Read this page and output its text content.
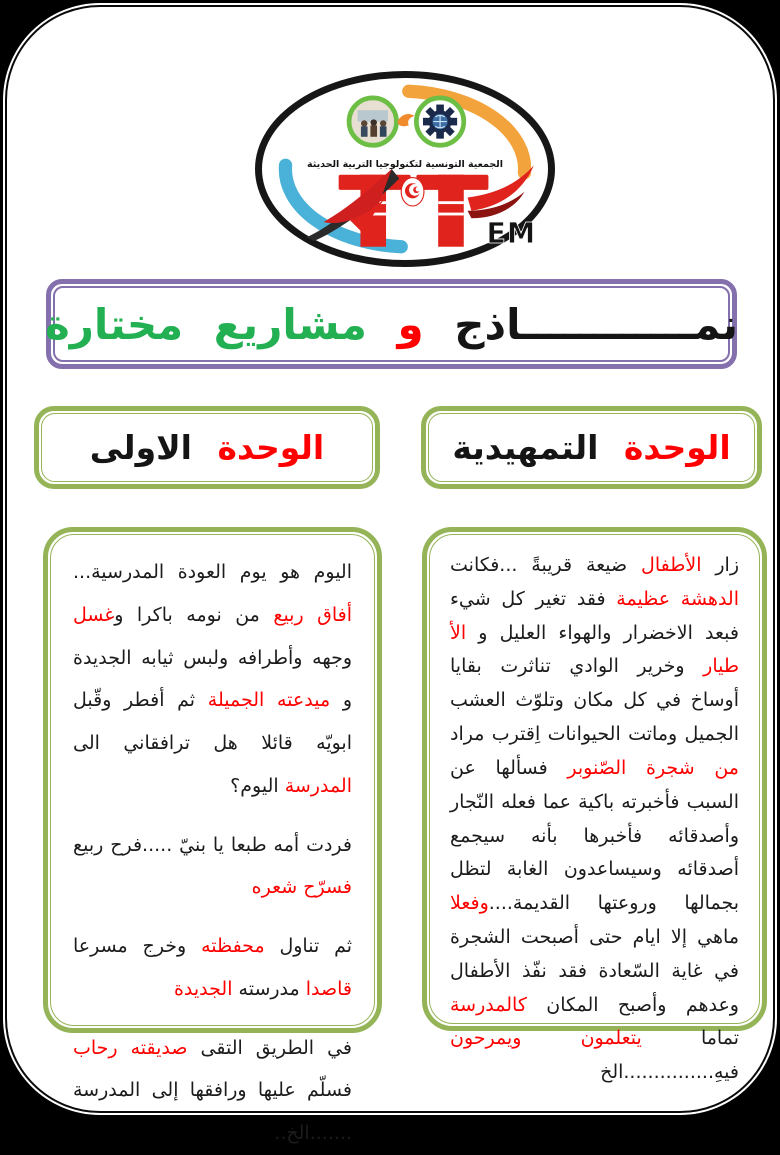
الجمعية التونسية لتكنولوجيا التربية الحديثة
EM
نمــــــــــــاذج و مشاريع مختارة
الوحدة الاولى	الوحدة التمهيدية

اليوم هو يوم العودة المدرسية... أفاق ربيع من نومه باكرا وغسل وجهه وأطرافه ولبس ثيابه الجديدة و ميدعته الجميلة ثم أفطر وقّبل ابويّه قائلا هل ترافقاني الى المدرسة اليوم؟

فردت أمه طبعا يا بنيّ .....فرح ربيع فسرّح شعره

ثم تناول محفظته وخرج مسرعا قاصدا مدرسته الجديدة

في الطريق التقى صديقته رحاب فسلّم عليها ورافقها إلى المدرسة .......الخ..

زار الأطفال ضيعة قريبةً ...فكانت الدهشة عظيمة فقد تغير كل شيء فبعد الاخضرار والهواء العليل و الأ طيار وخرير الوادي تناثرت بقايا أوساخ في كل مكان وتلوّث العشب الجميل وماتت الحيوانات اِقترب مراد من شجرة الصّنوبر فسألها عن السبب فأخبرته باكية عما فعله النّجار وأصدقائه فأخبرها بأنه سيجمع أصدقائه وسيساعدون الغابة لتظل بجمالها وروعتها القديمة....وفعلا ماهي إلا ايام حتى أصبحت الشجرة في غاية السّعادة فقد نفّذ الأطفال وعدهم وأصبح المكان كالمدرسة تماما يتعلمون ويمرحون فيهِ...............الخ
